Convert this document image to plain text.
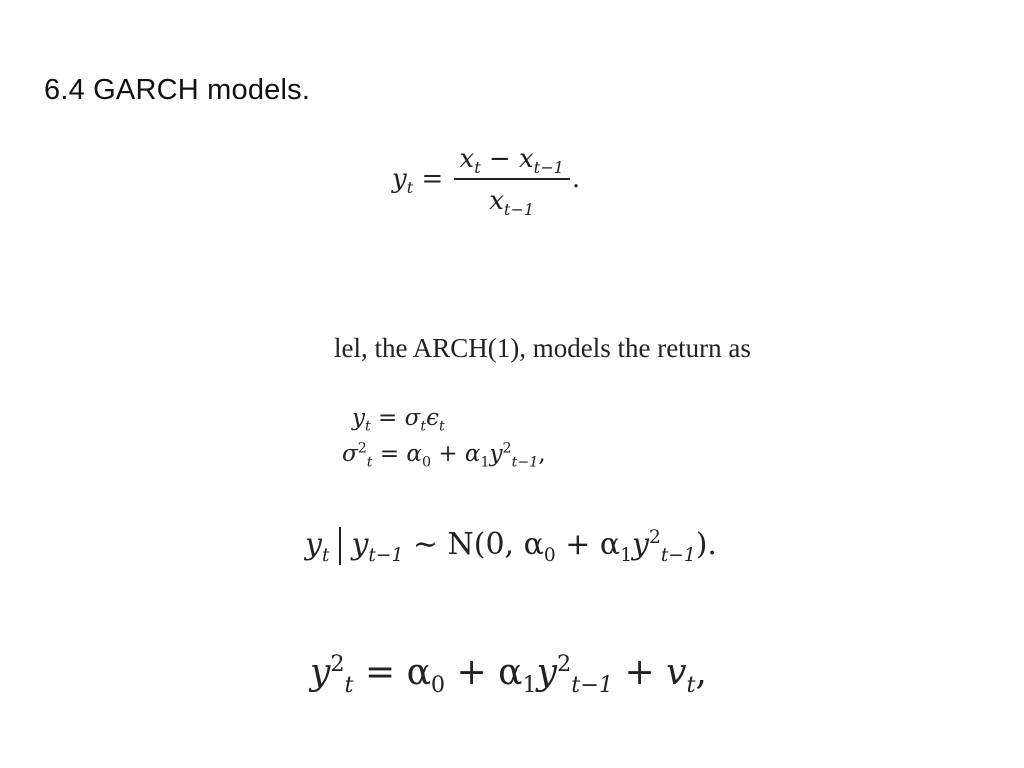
6.4 GARCH models.
$y_t = \frac{x_t - x_{t-1}}{x_{t-1}}$ .
lel, the ARCH(1), models the return as
$y_t = \sigma_t\epsilon_t$
$\sigma^2_t = \alpha_0 + \alpha_1y^2_{t-1}$,
$y_t$ $y_{t-1}$ ∼ N(0, $\alpha_0 + \alpha_1y^2_{t-1}$).
$y^2_t = \alpha_0 + \alpha_1y^2_{t-1} + v_t$,
